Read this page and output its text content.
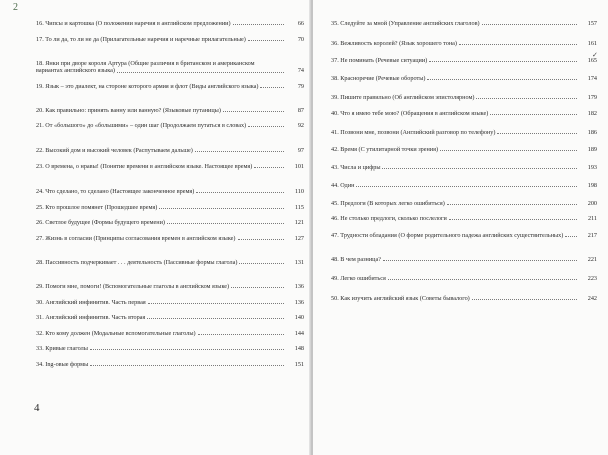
2
16. Чипсы и картошка (О положении наречия в английском предложении)	66
17. То ли да, то ли не да (Прилагательные наречия и наречные прилагательные)	70
18. Янки при дворе короля Артура (Общие различия в британском и американском вариантах английского языка)	74
19. Язык – это диалект, на стороне которого армия и флот (Виды английского языка)	79
20. Как правильно: принять ванну или ванную? (Языковые путаницы)	87
21. От «большого» до «большими» – один шаг (Продолжаем путаться в словах)	92
22. Высокий дом и высокий человек (Распутываем дальше)	97
23. О времена, о нравы! (Понятие времени в английском языке. Настоящее время)	101
24. Что сделано, то сделано (Настоящее законченное время)	110
25. Кто прошлое помянет (Прошедшее время)	115
26. Светлое будущее (Формы будущего времени)	121
27. Жизнь в соглаcии (Принципы согласования времен в английском языке)	127
28. Пассивность подчеркивает . . . деятельность (Пассивные формы глагола)	131
29. Помоги мне, помоги! (Вспомогательные глаголы в английском языке)	136
30. Английский инфинитив. Часть первая	136
31. Английский инфинитив. Часть вторая	140
32. Кто кому должен (Модальные вспомогательные глаголы)	144
33. Кривые глаголы	148
34. Ing-овые формы	151
4
35. Следуйте за мной (Управление английских глаголов)	157
36. Вежливость королей? (Язык хорошего тона)	161
37. Не поминать (Речевые ситуации)	165
38. Красноречие (Речевые обороты)	174
39. Пишите правильно (Об английском эпистолярном)	179
40. Что я имею тебе мою? (Обращения в английском языке)	182
41. Позвони мне, позвони (Английский разговор по телефону)	186
42. Время (С утилитарной точки зрения)	189
43. Числа и цифры	193
44. Один	198
45. Предлоги (В которых легко ошибиться)	200
46. Не столько предлоги, сколько послелоги	211
47. Трудности обладания (О форме родительного падежа английских существительных)	217
48. В чем разница?	221
49. Легко ошибиться	223
50. Как изучить английский язык (Советы бывалого)	242
✓
